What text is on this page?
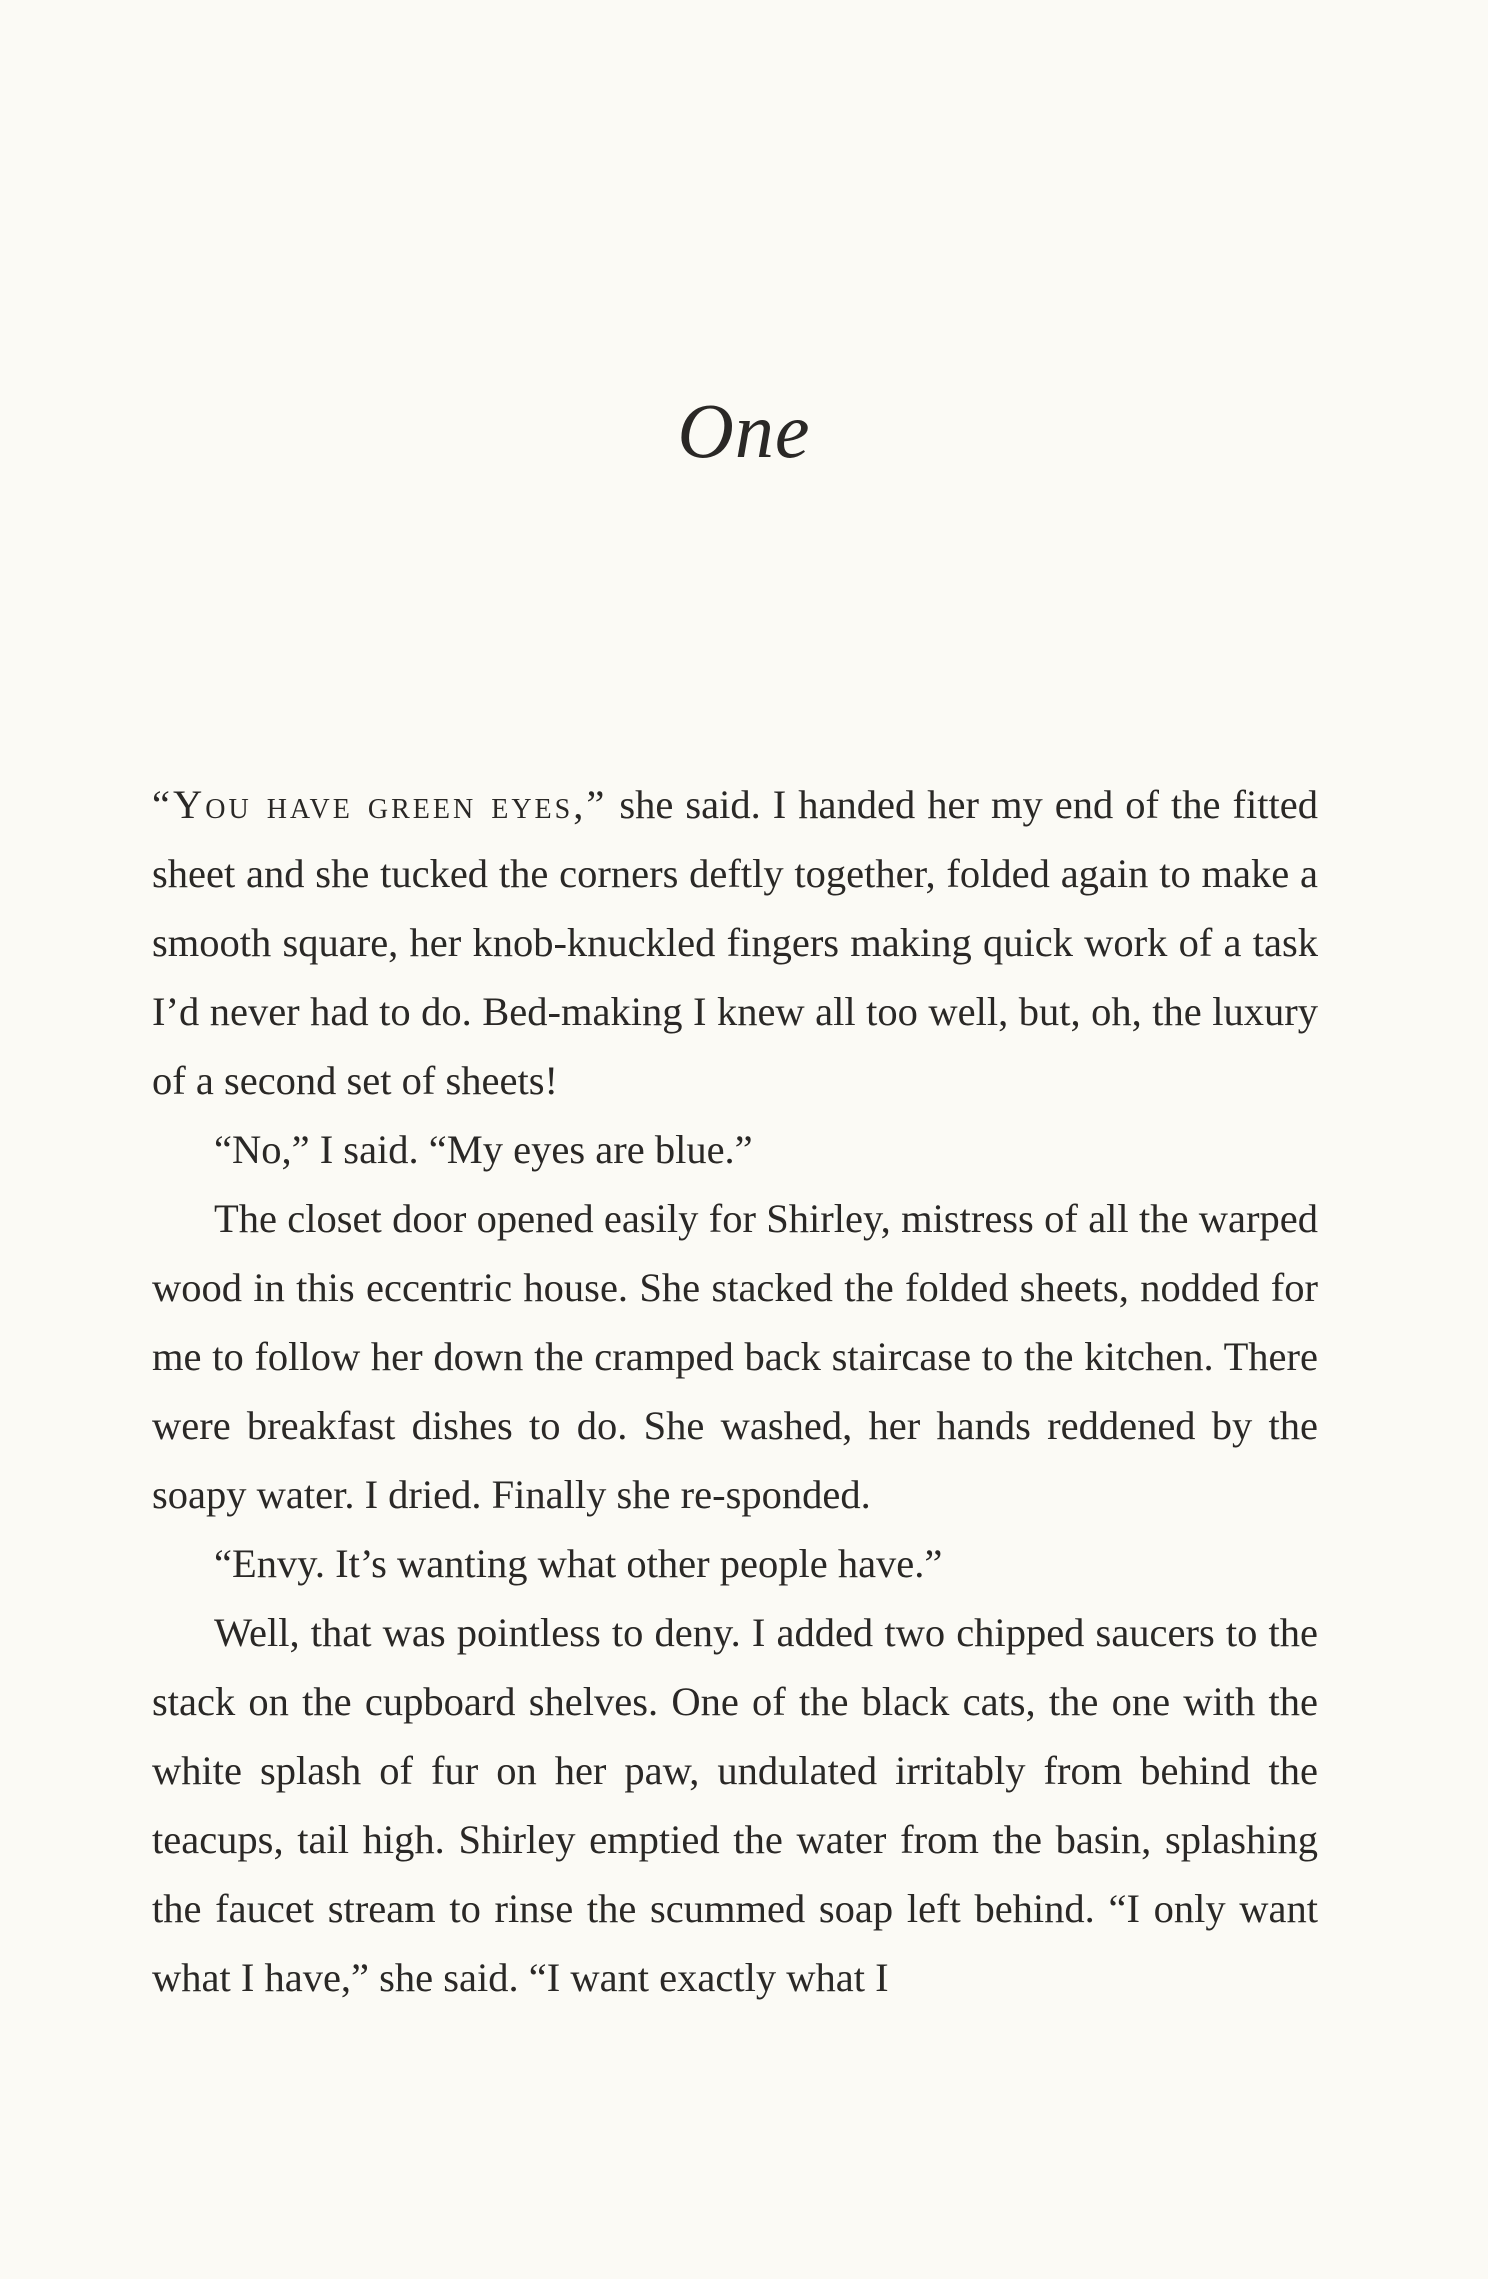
One

“You have green eyes,” she said. I handed her my end of the fitted sheet and she tucked the corners deftly together, folded again to make a smooth square, her knob-knuckled fingers making quick work of a task I’d never had to do. Bed-making I knew all too well, but, oh, the luxury of a second set of sheets!

“No,” I said. “My eyes are blue.”

The closet door opened easily for Shirley, mistress of all the warped wood in this eccentric house. She stacked the folded sheets, nodded for me to follow her down the cramped back staircase to the kitchen. There were breakfast dishes to do. She washed, her hands reddened by the soapy water. I dried. Finally she re-sponded.

“Envy. It’s wanting what other people have.”

Well, that was pointless to deny. I added two chipped saucers to the stack on the cupboard shelves. One of the black cats, the one with the white splash of fur on her paw, undulated irritably from behind the teacups, tail high. Shirley emptied the water from the basin, splashing the faucet stream to rinse the scummed soap left behind. “I only want what I have,” she said. “I want exactly what I
